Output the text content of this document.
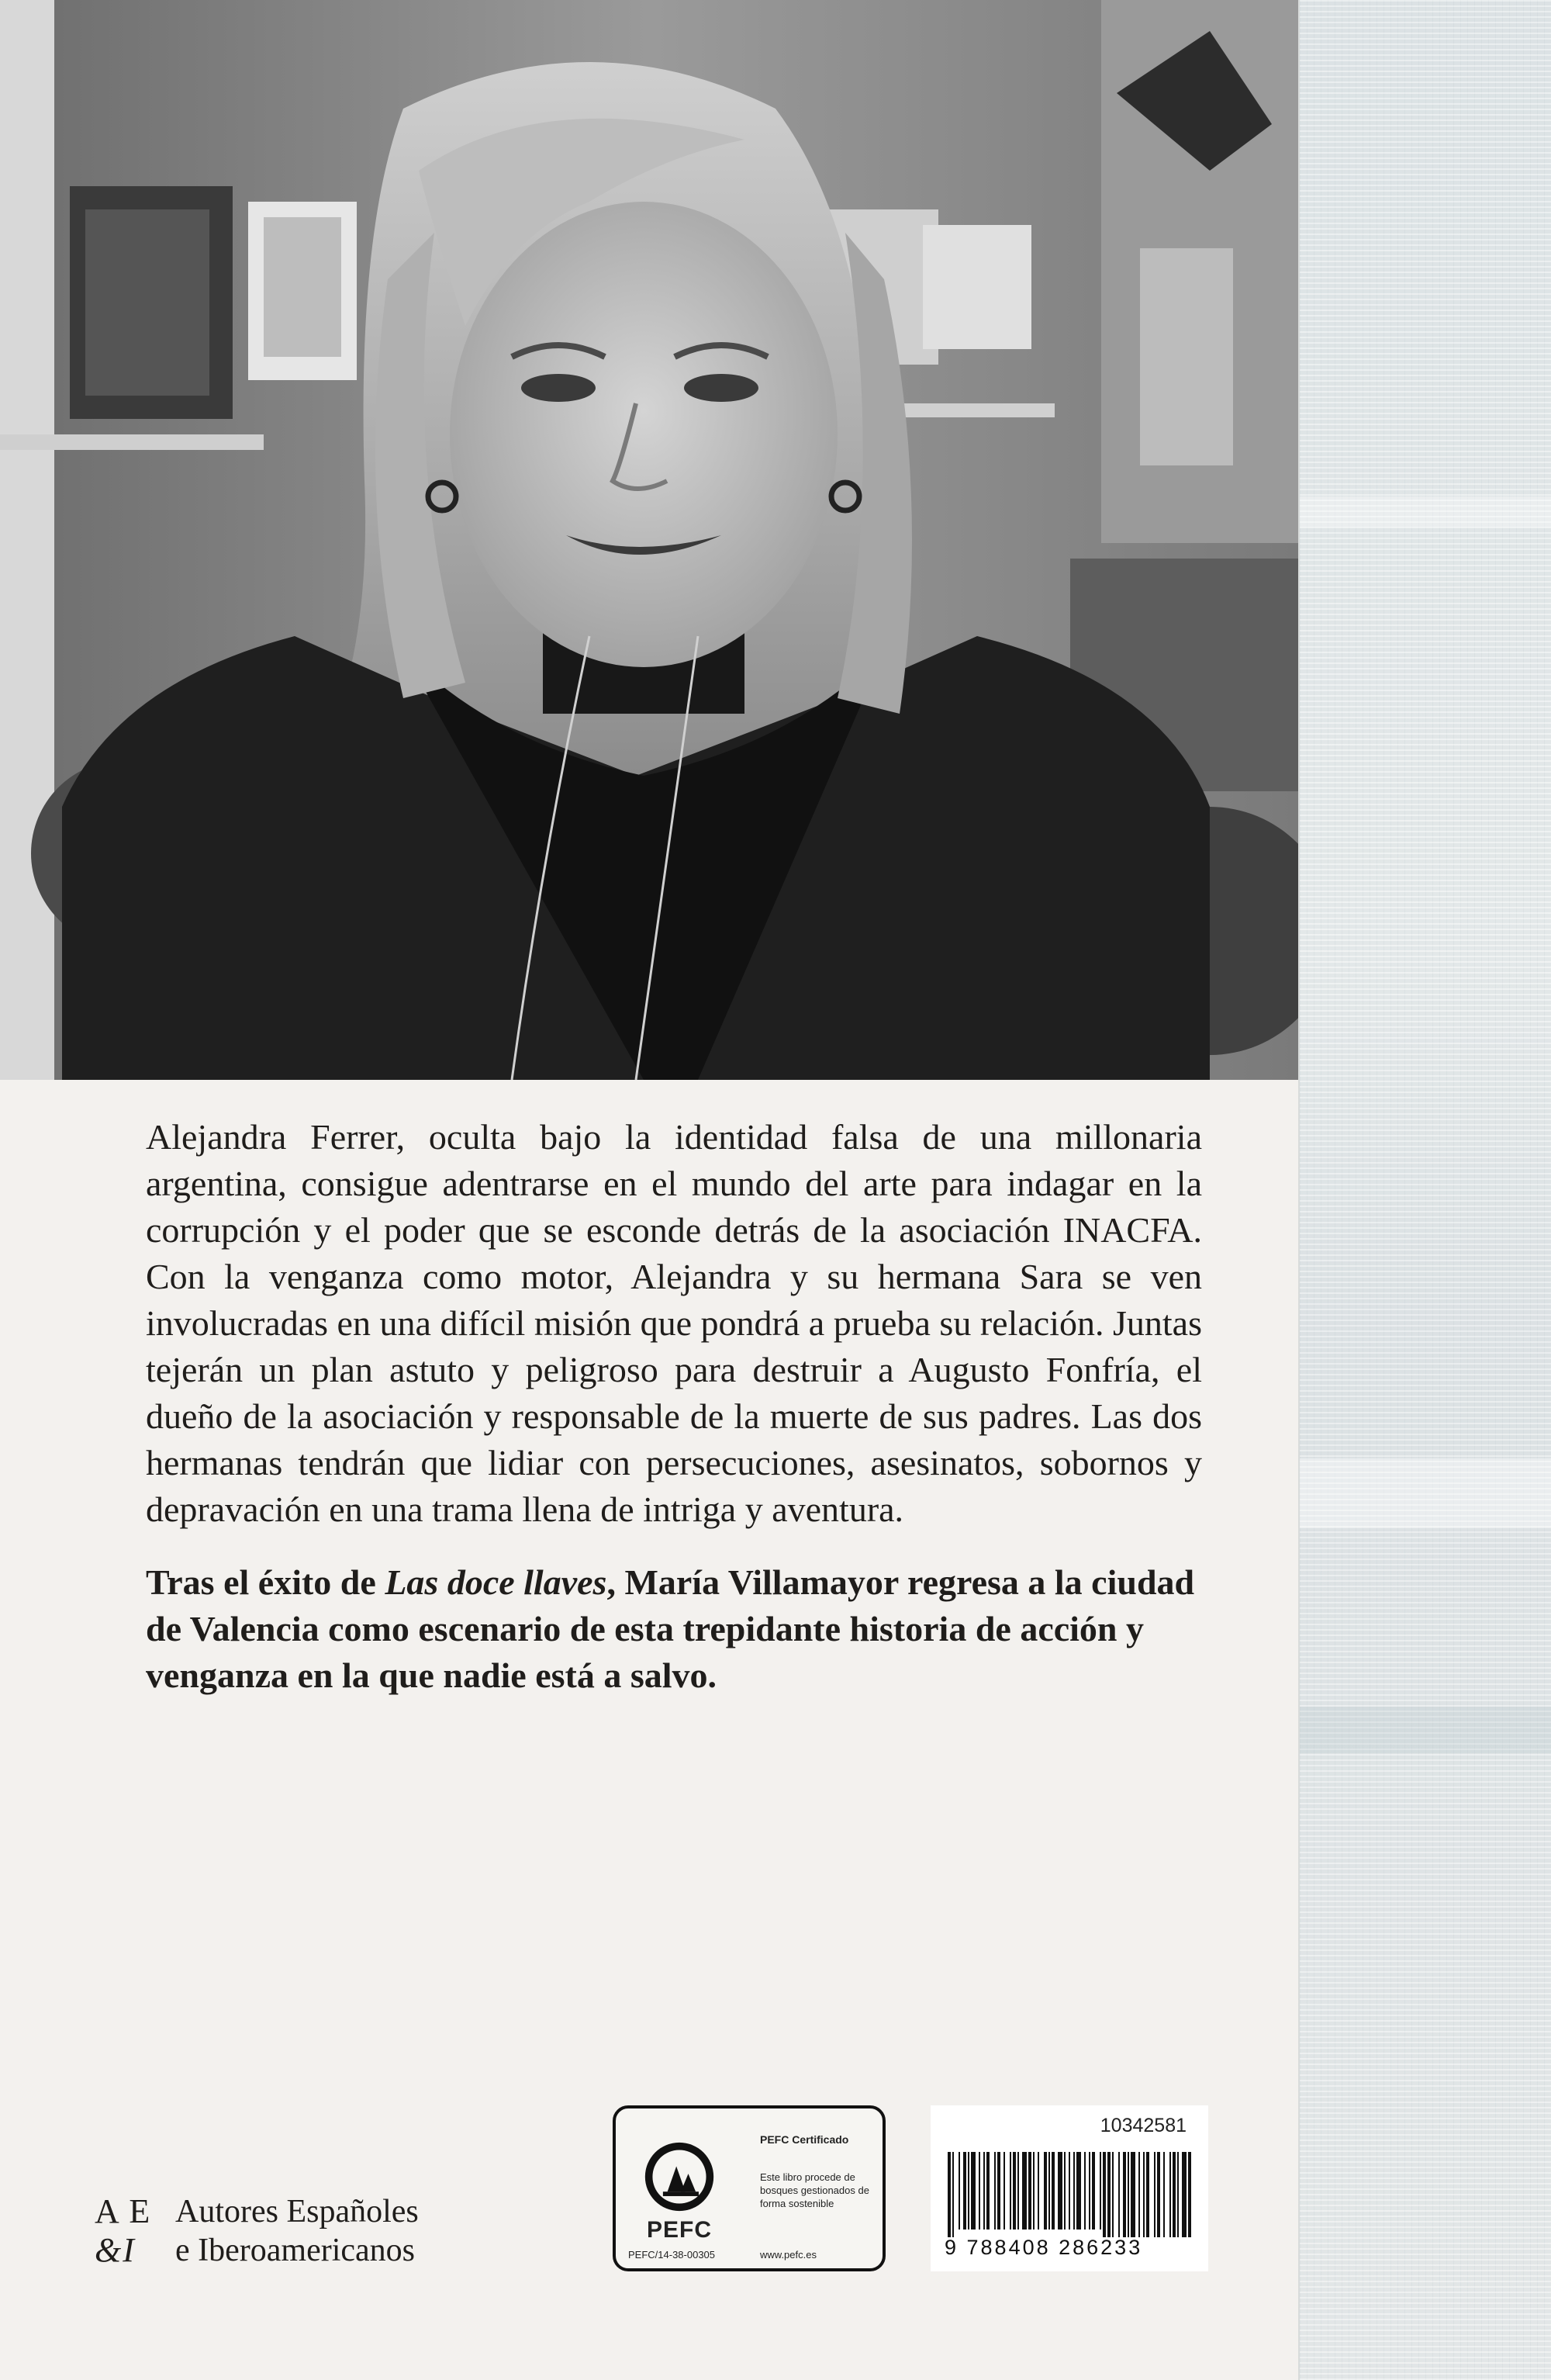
Alejandra Ferrer, oculta bajo la identidad falsa de una millonaria argentina, consigue adentrarse en el mundo del arte para indagar en la corrupción y el poder que se esconde detrás de la asociación INACFA. Con la venganza como motor, Alejandra y su hermana Sara se ven involucradas en una difícil misión que pondrá a prueba su relación. Juntas tejerán un plan astuto y peligroso para destruir a Augusto Fonfría, el dueño de la asociación y responsable de la muerte de sus padres. Las dos hermanas tendrán que lidiar con persecuciones, asesinatos, sobornos y depravación en una trama llena de intriga y aventura.

Tras el éxito de Las doce llaves, María Villamayor regresa a la ciudad de Valencia como escenario de esta trepidante historia de acción y venganza en la que nadie está a salvo.

A E
&I
Autores Españoles
e Iberoamericanos
PEFC
PEFC/14-38-00305
PEFC Certificado
Este libro procede de bosques gestionados de forma sostenible
www.pefc.es
10342581
9 788408 286233
